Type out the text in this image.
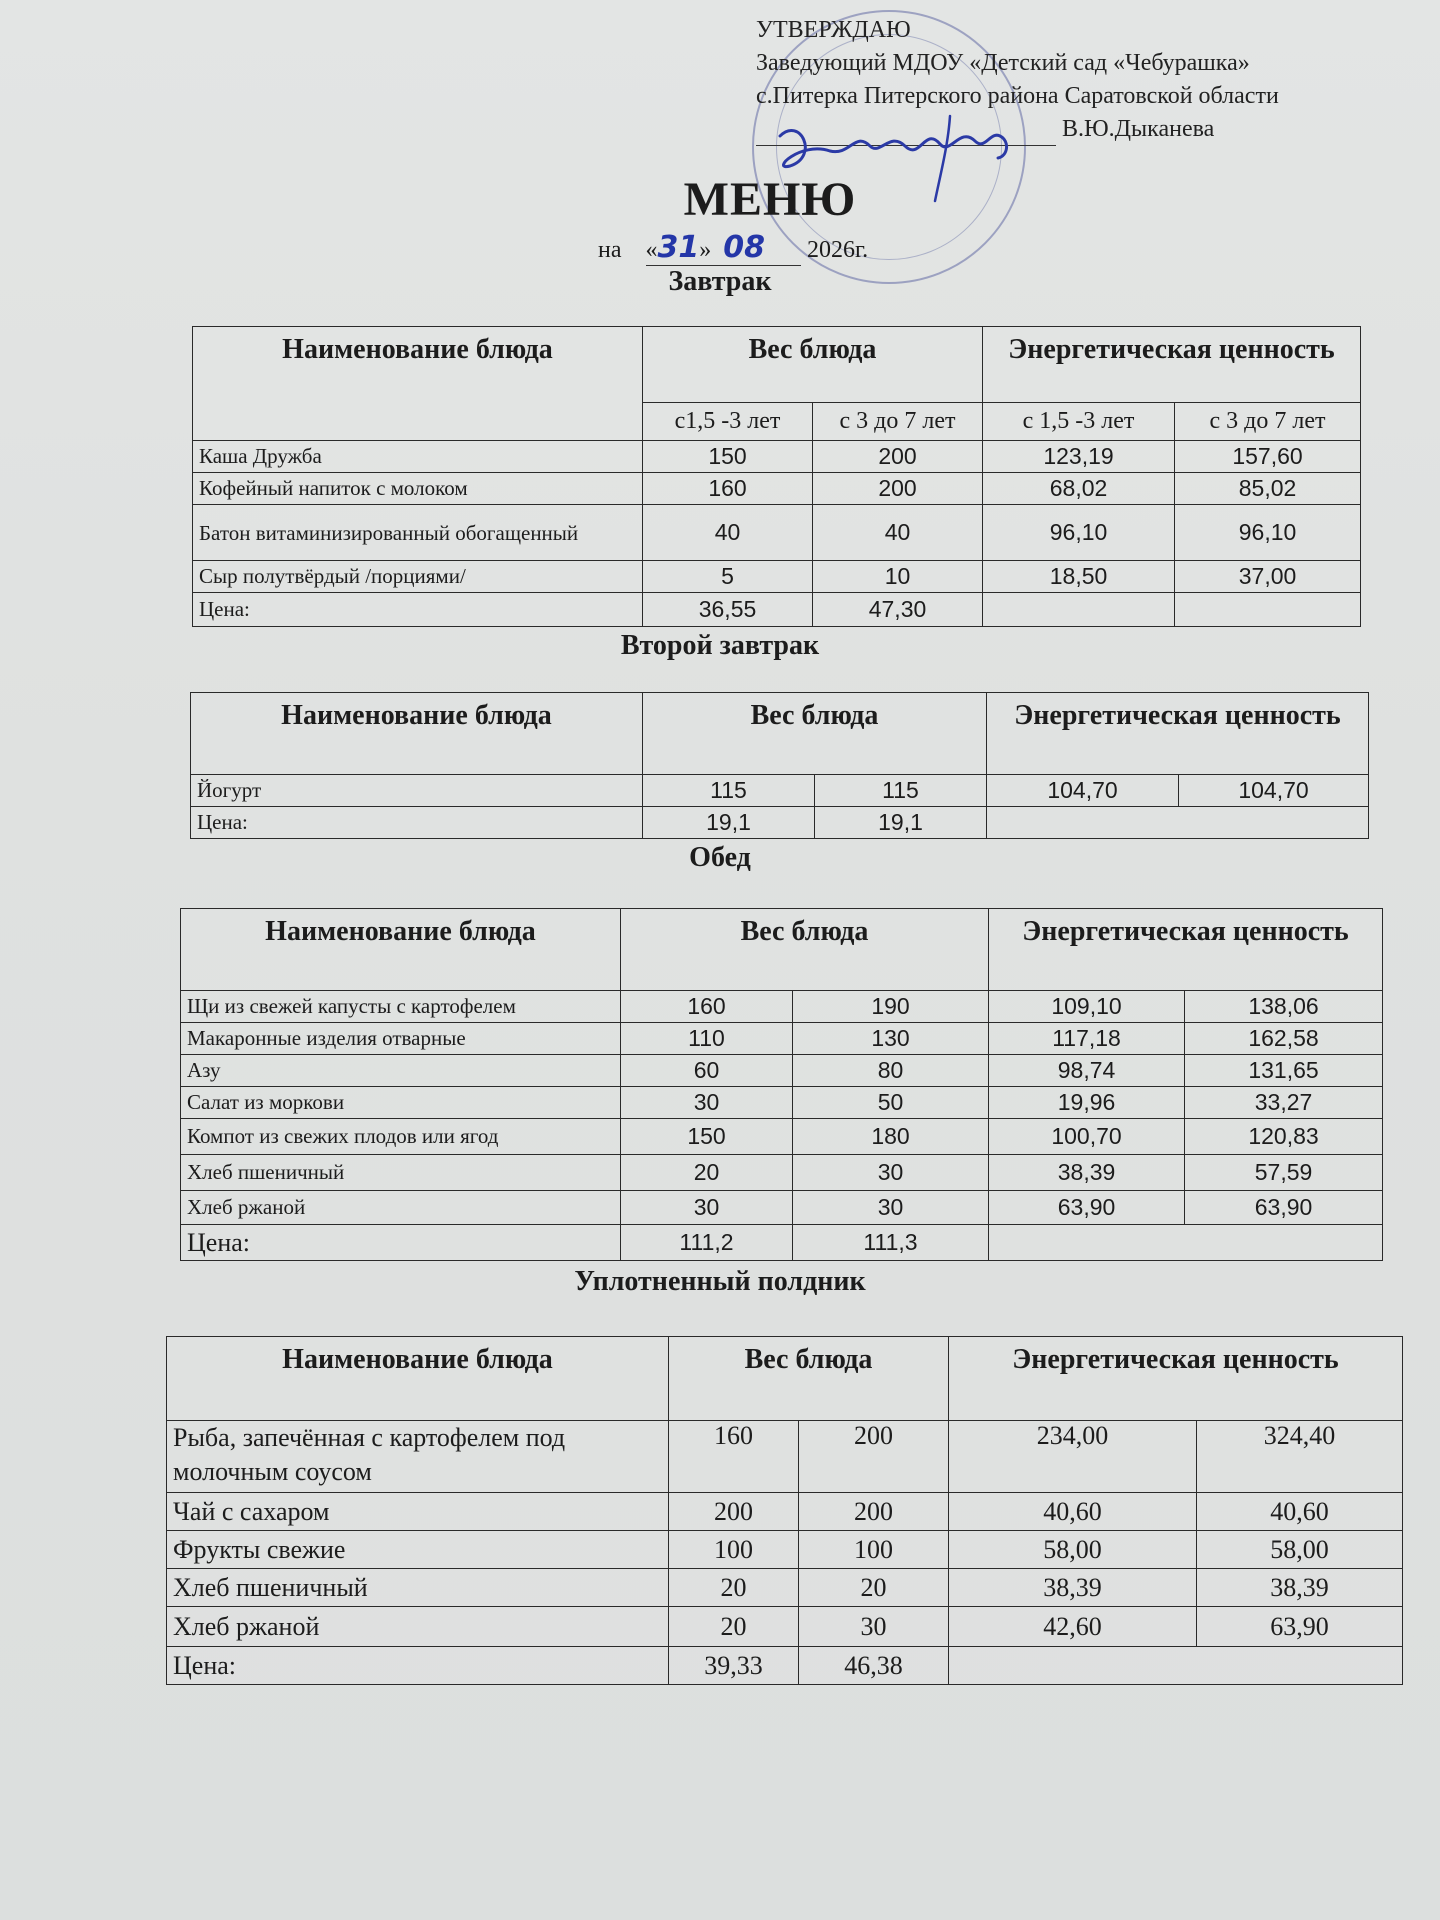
УТВЕРЖДАЮ
Заведующий МДОУ «Детский сад «Чебурашка»
с.Питерка Питерского района Саратовской области
В.Ю.Дыканева
МЕНЮ
на «31» 08 2026г.
Завтрак
Наименование блюда	Вес блюда		Энергетическая ценность	
	с1,5 -3 лет	с 3 до 7 лет	с 1,5 -3 лет	с 3 до 7 лет
Каша Дружба	150	200	123,19	157,60
Кофейный напиток с молоком	160	200	68,02	85,02
Батон витаминизированный обогащенный	40	40	96,10	96,10
Сыр полутвёрдый /порциями/	5	10	18,50	37,00
Цена:	36,55	47,30		
Второй завтрак
Наименование блюда	Вес блюда		Энергетическая ценность	
Йогурт	115	115	104,70	104,70
Цена:	19,1	19,1		
Обед
Наименование блюда	Вес блюда		Энергетическая ценность	
Щи из свежей капусты с картофелем	160	190	109,10	138,06
Макаронные изделия отварные	110	130	117,18	162,58
Азу	60	80	98,74	131,65
Салат из моркови	30	50	19,96	33,27
Компот из свежих плодов или ягод	150	180	100,70	120,83
Хлеб пшеничный	20	30	38,39	57,59
Хлеб ржаной	30	30	63,90	63,90
Цена:	111,2	111,3		
Уплотненный полдник
Наименование блюда	Вес блюда		Энергетическая ценность	
Рыба, запечённая с картофелем под молочным соусом	160	200	234,00	324,40
Чай с сахаром	200	200	40,60	40,60
Фрукты свежие	100	100	58,00	58,00
Хлеб пшеничный	20	20	38,39	38,39
Хлеб ржаной	20	30	42,60	63,90
Цена:	39,33	46,38		
